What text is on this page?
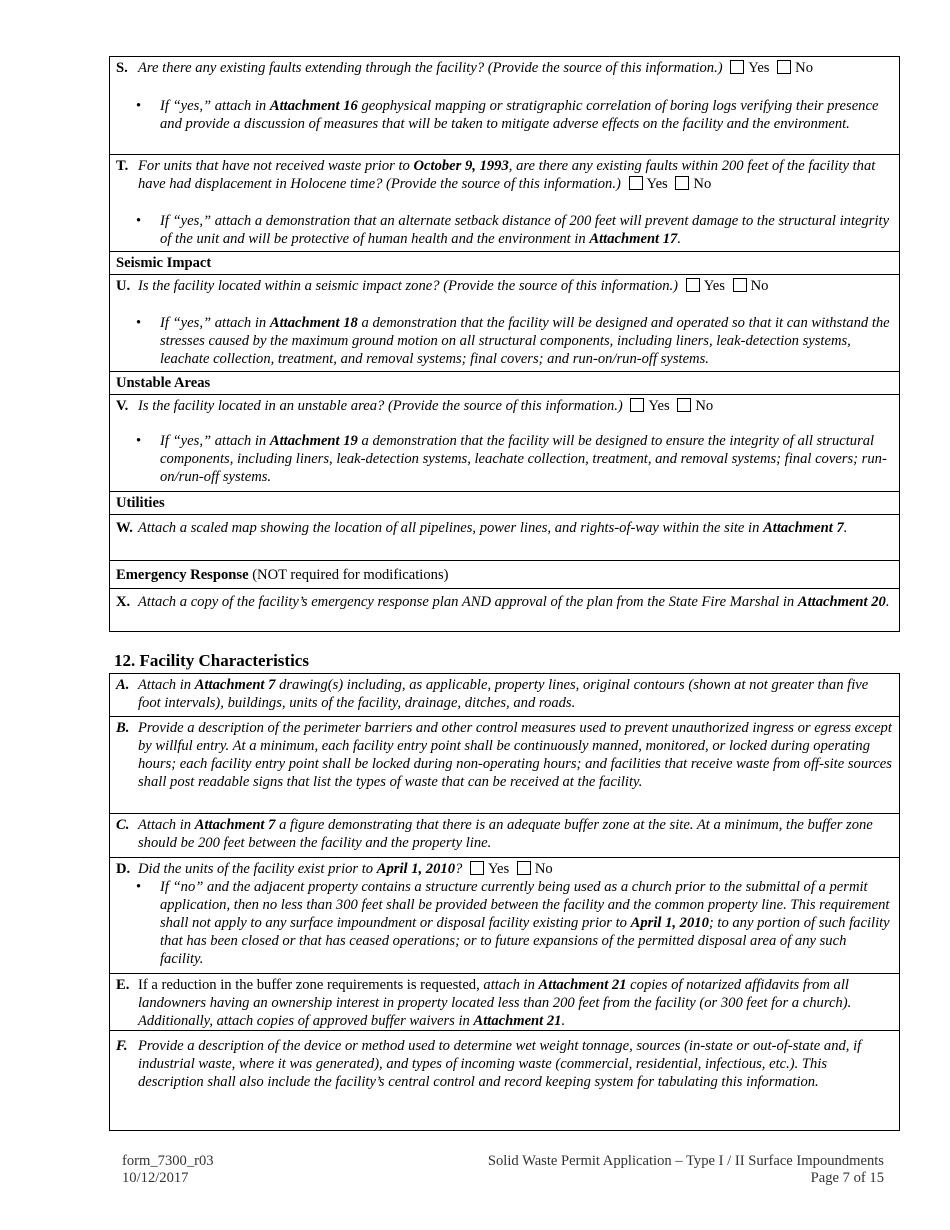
S. Are there any existing faults extending through the facility? (Provide the source of this information.) Yes No
• If “yes,” attach in Attachment 16 geophysical mapping or stratigraphic correlation of boring logs verifying their presence and provide a discussion of measures that will be taken to mitigate adverse effects on the facility and the environment.
T. For units that have not received waste prior to October 9, 1993, are there any existing faults within 200 feet of the facility that have had displacement in Holocene time? (Provide the source of this information.) Yes No
• If “yes,” attach a demonstration that an alternate setback distance of 200 feet will prevent damage to the structural integrity of the unit and will be protective of human health and the environment in Attachment 17.
Seismic Impact
U. Is the facility located within a seismic impact zone? (Provide the source of this information.) Yes No
• If “yes,” attach in Attachment 18 a demonstration that the facility will be designed and operated so that it can withstand the stresses caused by the maximum ground motion on all structural components, including liners, leak-detection systems, leachate collection, treatment, and removal systems; final covers; and run-on/run-off systems.
Unstable Areas
V. Is the facility located in an unstable area? (Provide the source of this information.) Yes No
• If “yes,” attach in Attachment 19 a demonstration that the facility will be designed to ensure the integrity of all structural components, including liners, leak-detection systems, leachate collection, treatment, and removal systems; final covers; run-on/run-off systems.
Utilities
W. Attach a scaled map showing the location of all pipelines, power lines, and rights-of-way within the site in Attachment 7.
Emergency Response (NOT required for modifications)
X. Attach a copy of the facility’s emergency response plan AND approval of the plan from the State Fire Marshal in Attachment 20.
12. Facility Characteristics
A. Attach in Attachment 7 drawing(s) including, as applicable, property lines, original contours (shown at not greater than five foot intervals), buildings, units of the facility, drainage, ditches, and roads.
B. Provide a description of the perimeter barriers and other control measures used to prevent unauthorized ingress or egress except by willful entry. At a minimum, each facility entry point shall be continuously manned, monitored, or locked during operating hours; each facility entry point shall be locked during non-operating hours; and facilities that receive waste from off-site sources shall post readable signs that list the types of waste that can be received at the facility.
C. Attach in Attachment 7 a figure demonstrating that there is an adequate buffer zone at the site. At a minimum, the buffer zone should be 200 feet between the facility and the property line.
D. Did the units of the facility exist prior to April 1, 2010? Yes No
• If “no” and the adjacent property contains a structure currently being used as a church prior to the submittal of a permit application, then no less than 300 feet shall be provided between the facility and the common property line. This requirement shall not apply to any surface impoundment or disposal facility existing prior to April 1, 2010; to any portion of such facility that has been closed or that has ceased operations; or to future expansions of the permitted disposal area of any such facility.
E. If a reduction in the buffer zone requirements is requested, attach in Attachment 21 copies of notarized affidavits from all landowners having an ownership interest in property located less than 200 feet from the facility (or 300 feet for a church). Additionally, attach copies of approved buffer waivers in Attachment 21.
F. Provide a description of the device or method used to determine wet weight tonnage, sources (in-state or out-of-state and, if industrial waste, where it was generated), and types of incoming waste (commercial, residential, infectious, etc.). This description shall also include the facility’s central control and record keeping system for tabulating this information.
form_7300_r03
10/12/2017
Solid Waste Permit Application – Type I / II Surface Impoundments
Page 7 of 15
